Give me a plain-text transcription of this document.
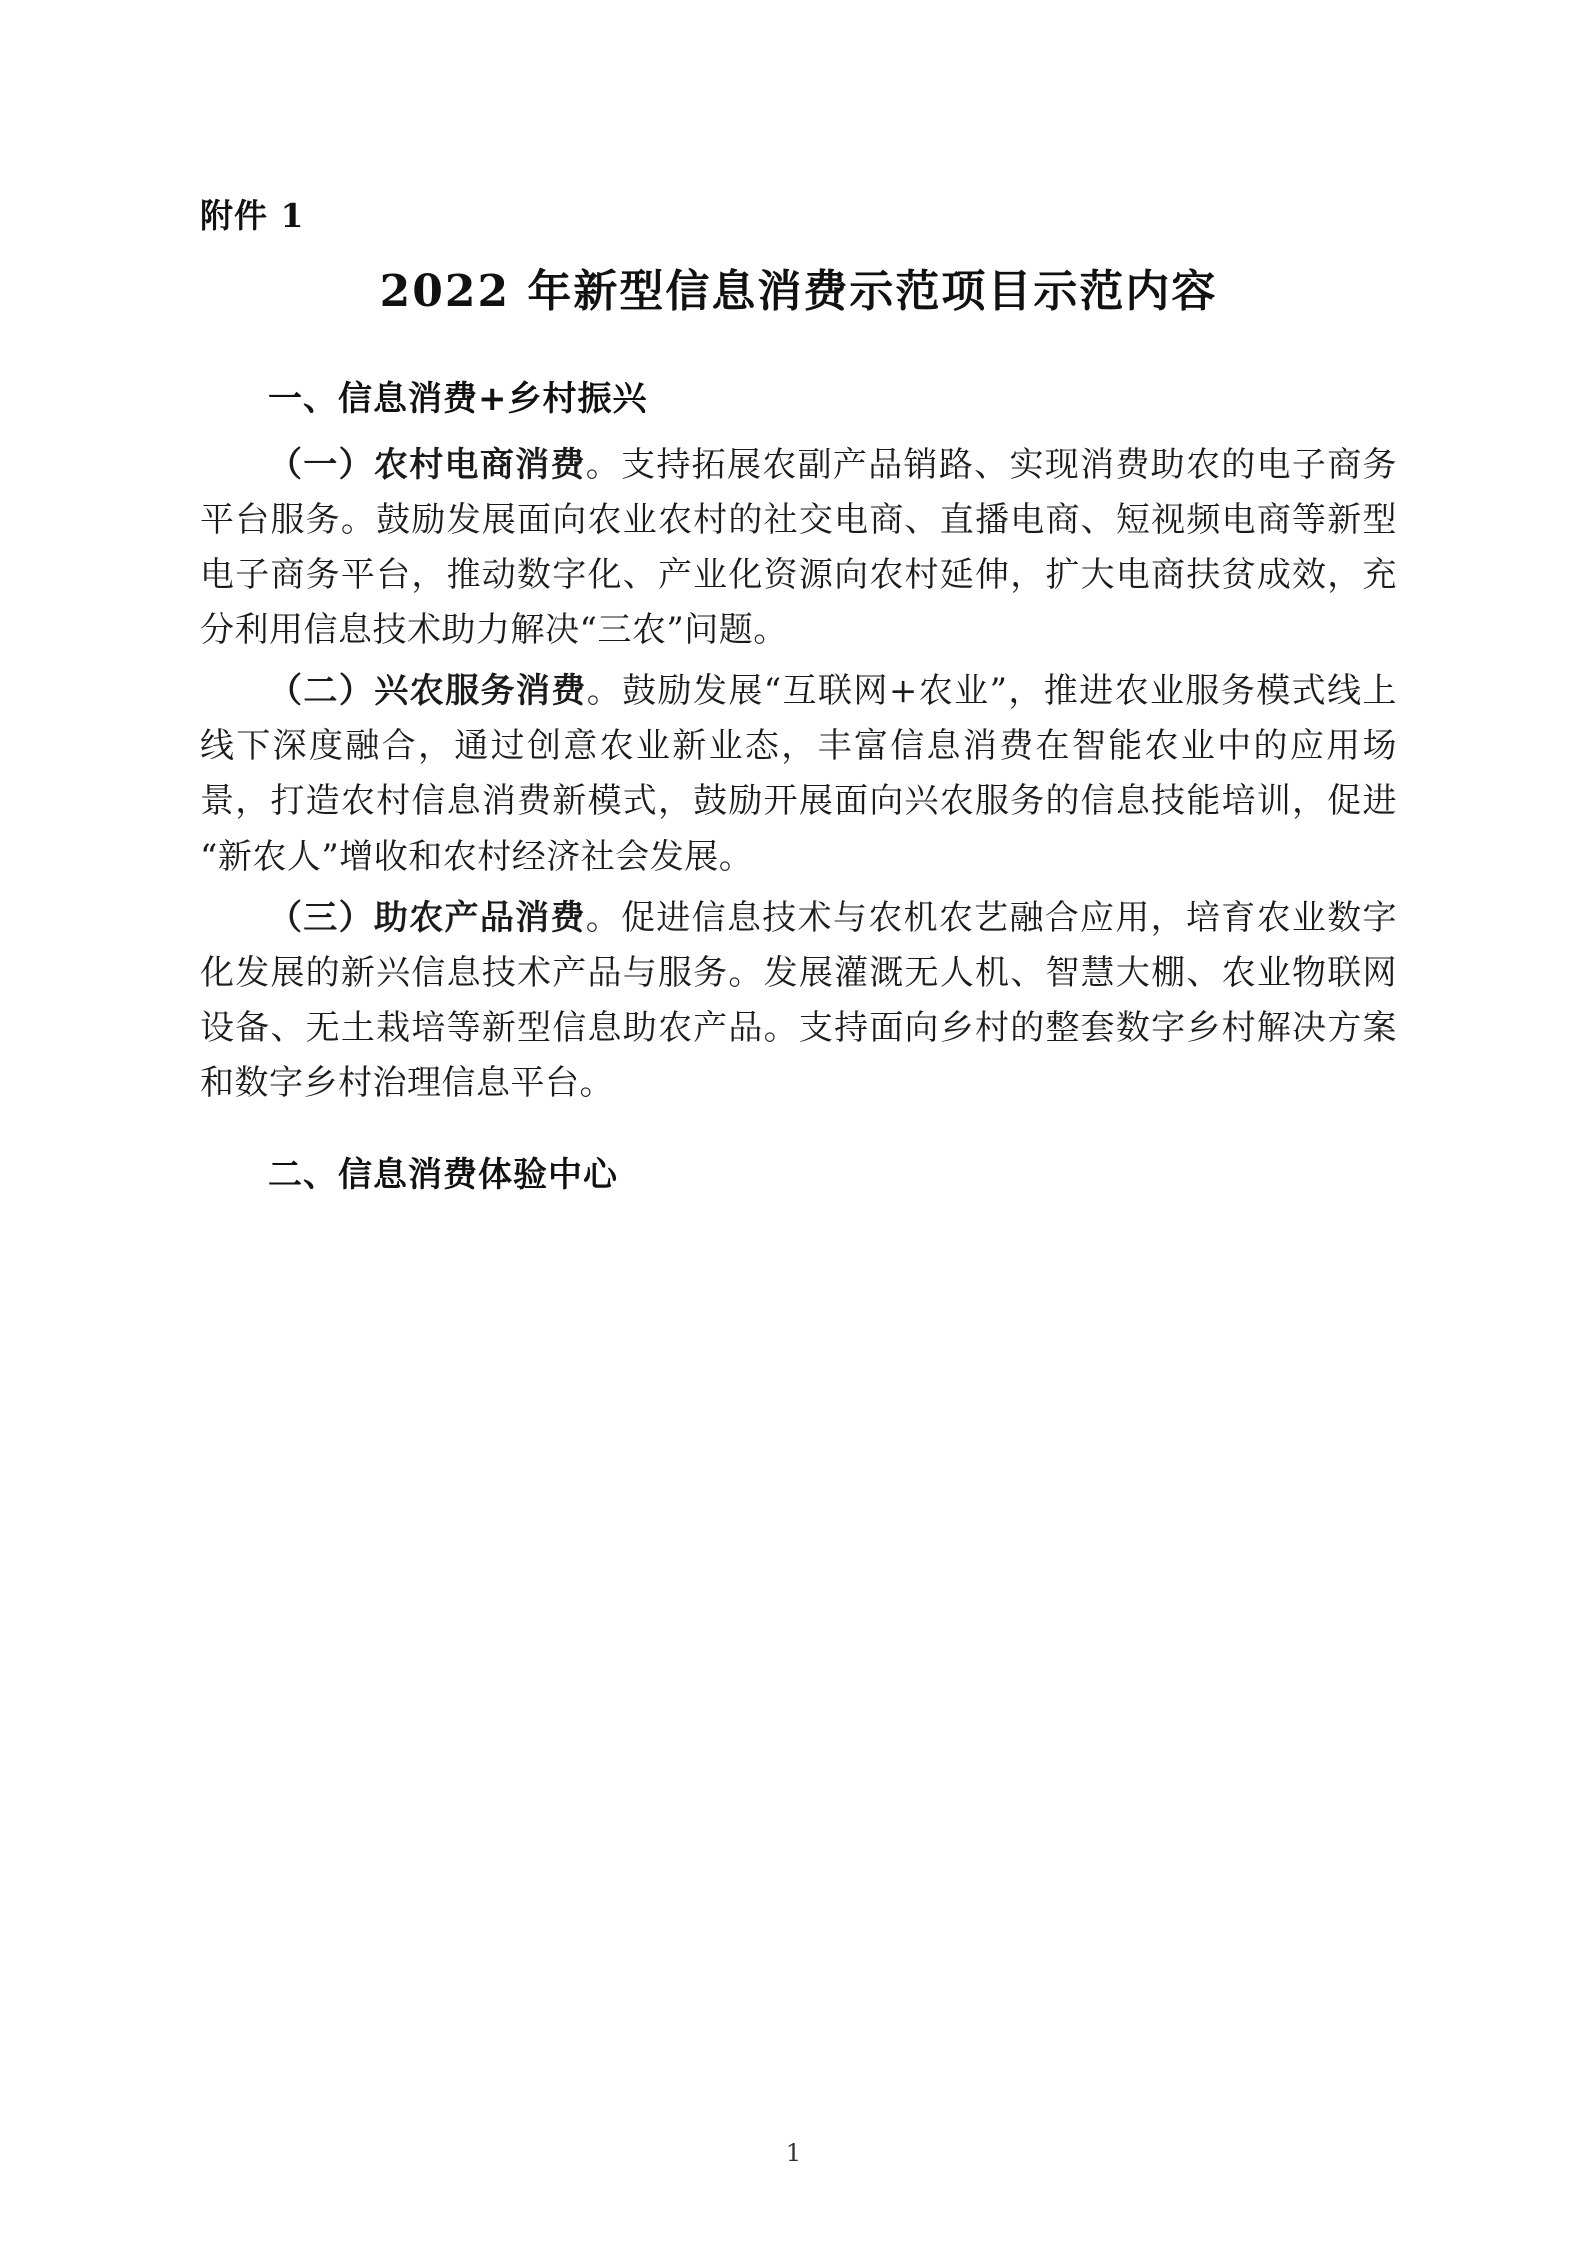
附件 1
2022 年新型信息消费示范项目示范内容
一、信息消费+乡村振兴

（一）农村电商消费。支持拓展农副产品销路、实现消费助农的电子商务平台服务。鼓励发展面向农业农村的社交电商、直播电商、短视频电商等新型电子商务平台，推动数字化、产业化资源向农村延伸，扩大电商扶贫成效，充分利用信息技术助力解决“三农”问题。

（二）兴农服务消费。鼓励发展“互联网+农业”，推进农业服务模式线上线下深度融合，通过创意农业新业态，丰富信息消费在智能农业中的应用场景，打造农村信息消费新模式，鼓励开展面向兴农服务的信息技能培训，促进“新农人”增收和农村经济社会发展。

（三）助农产品消费。促进信息技术与农机农艺融合应用，培育农业数字化发展的新兴信息技术产品与服务。发展灌溉无人机、智慧大棚、农业物联网设备、无土栽培等新型信息助农产品。支持面向乡村的整套数字乡村解决方案和数字乡村治理信息平台。

二、信息消费体验中心
1
